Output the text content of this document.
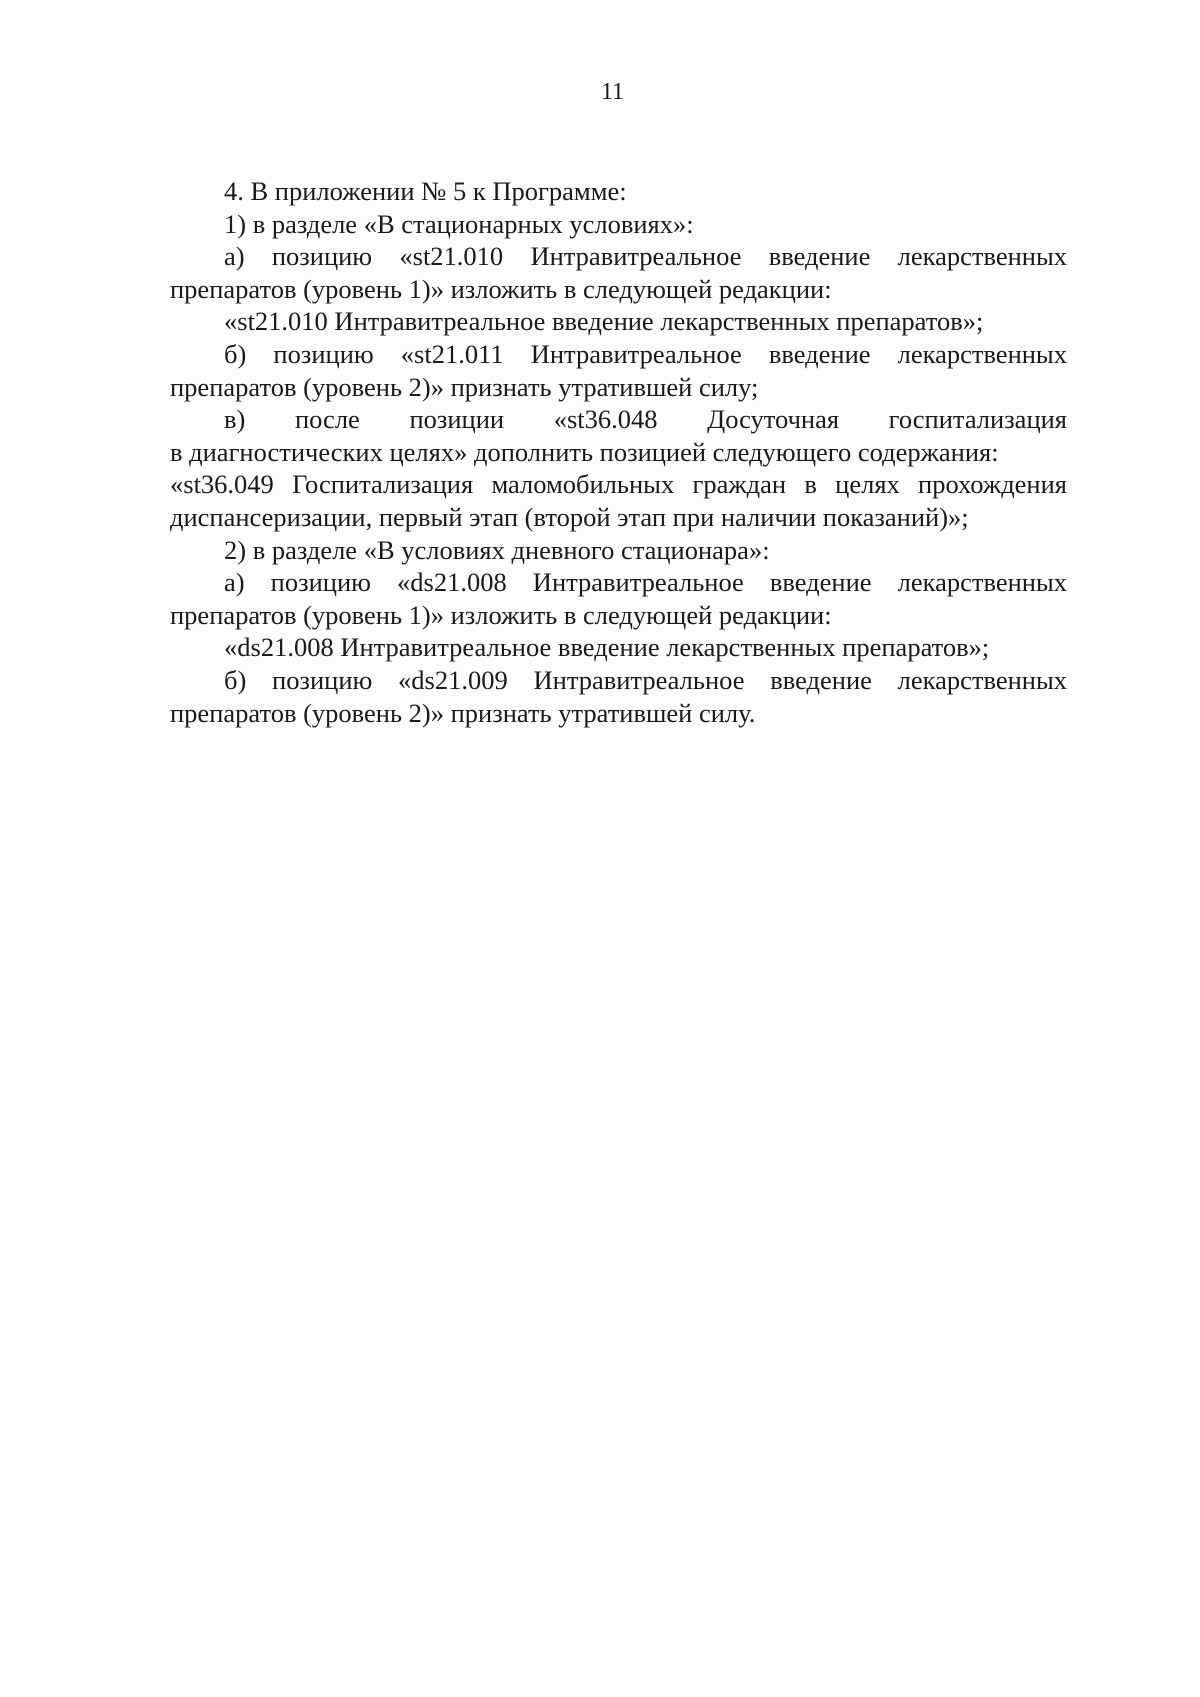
11
4. В приложении № 5 к Программе:
1) в разделе «В стационарных условиях»:
а) позицию «st21.010 Интравитреальное введение лекарственных
препаратов (уровень 1)» изложить в следующей редакции:
«st21.010 Интравитреальное введение лекарственных препаратов»;
б) позицию «st21.011 Интравитреальное введение лекарственных
препаратов (уровень 2)» признать утратившей силу;
в) после позиции «st36.048 Досуточная госпитализация
в диагностических целях» дополнить позицией следующего содержания:
«st36.049 Госпитализация маломобильных граждан в целях прохождения
диспансеризации, первый этап (второй этап при наличии показаний)»;
2) в разделе «В условиях дневного стационара»:
а) позицию «ds21.008 Интравитреальное введение лекарственных
препаратов (уровень 1)» изложить в следующей редакции:
«ds21.008 Интравитреальное введение лекарственных препаратов»;
б) позицию «ds21.009 Интравитреальное введение лекарственных
препаратов (уровень 2)» признать утратившей силу.
